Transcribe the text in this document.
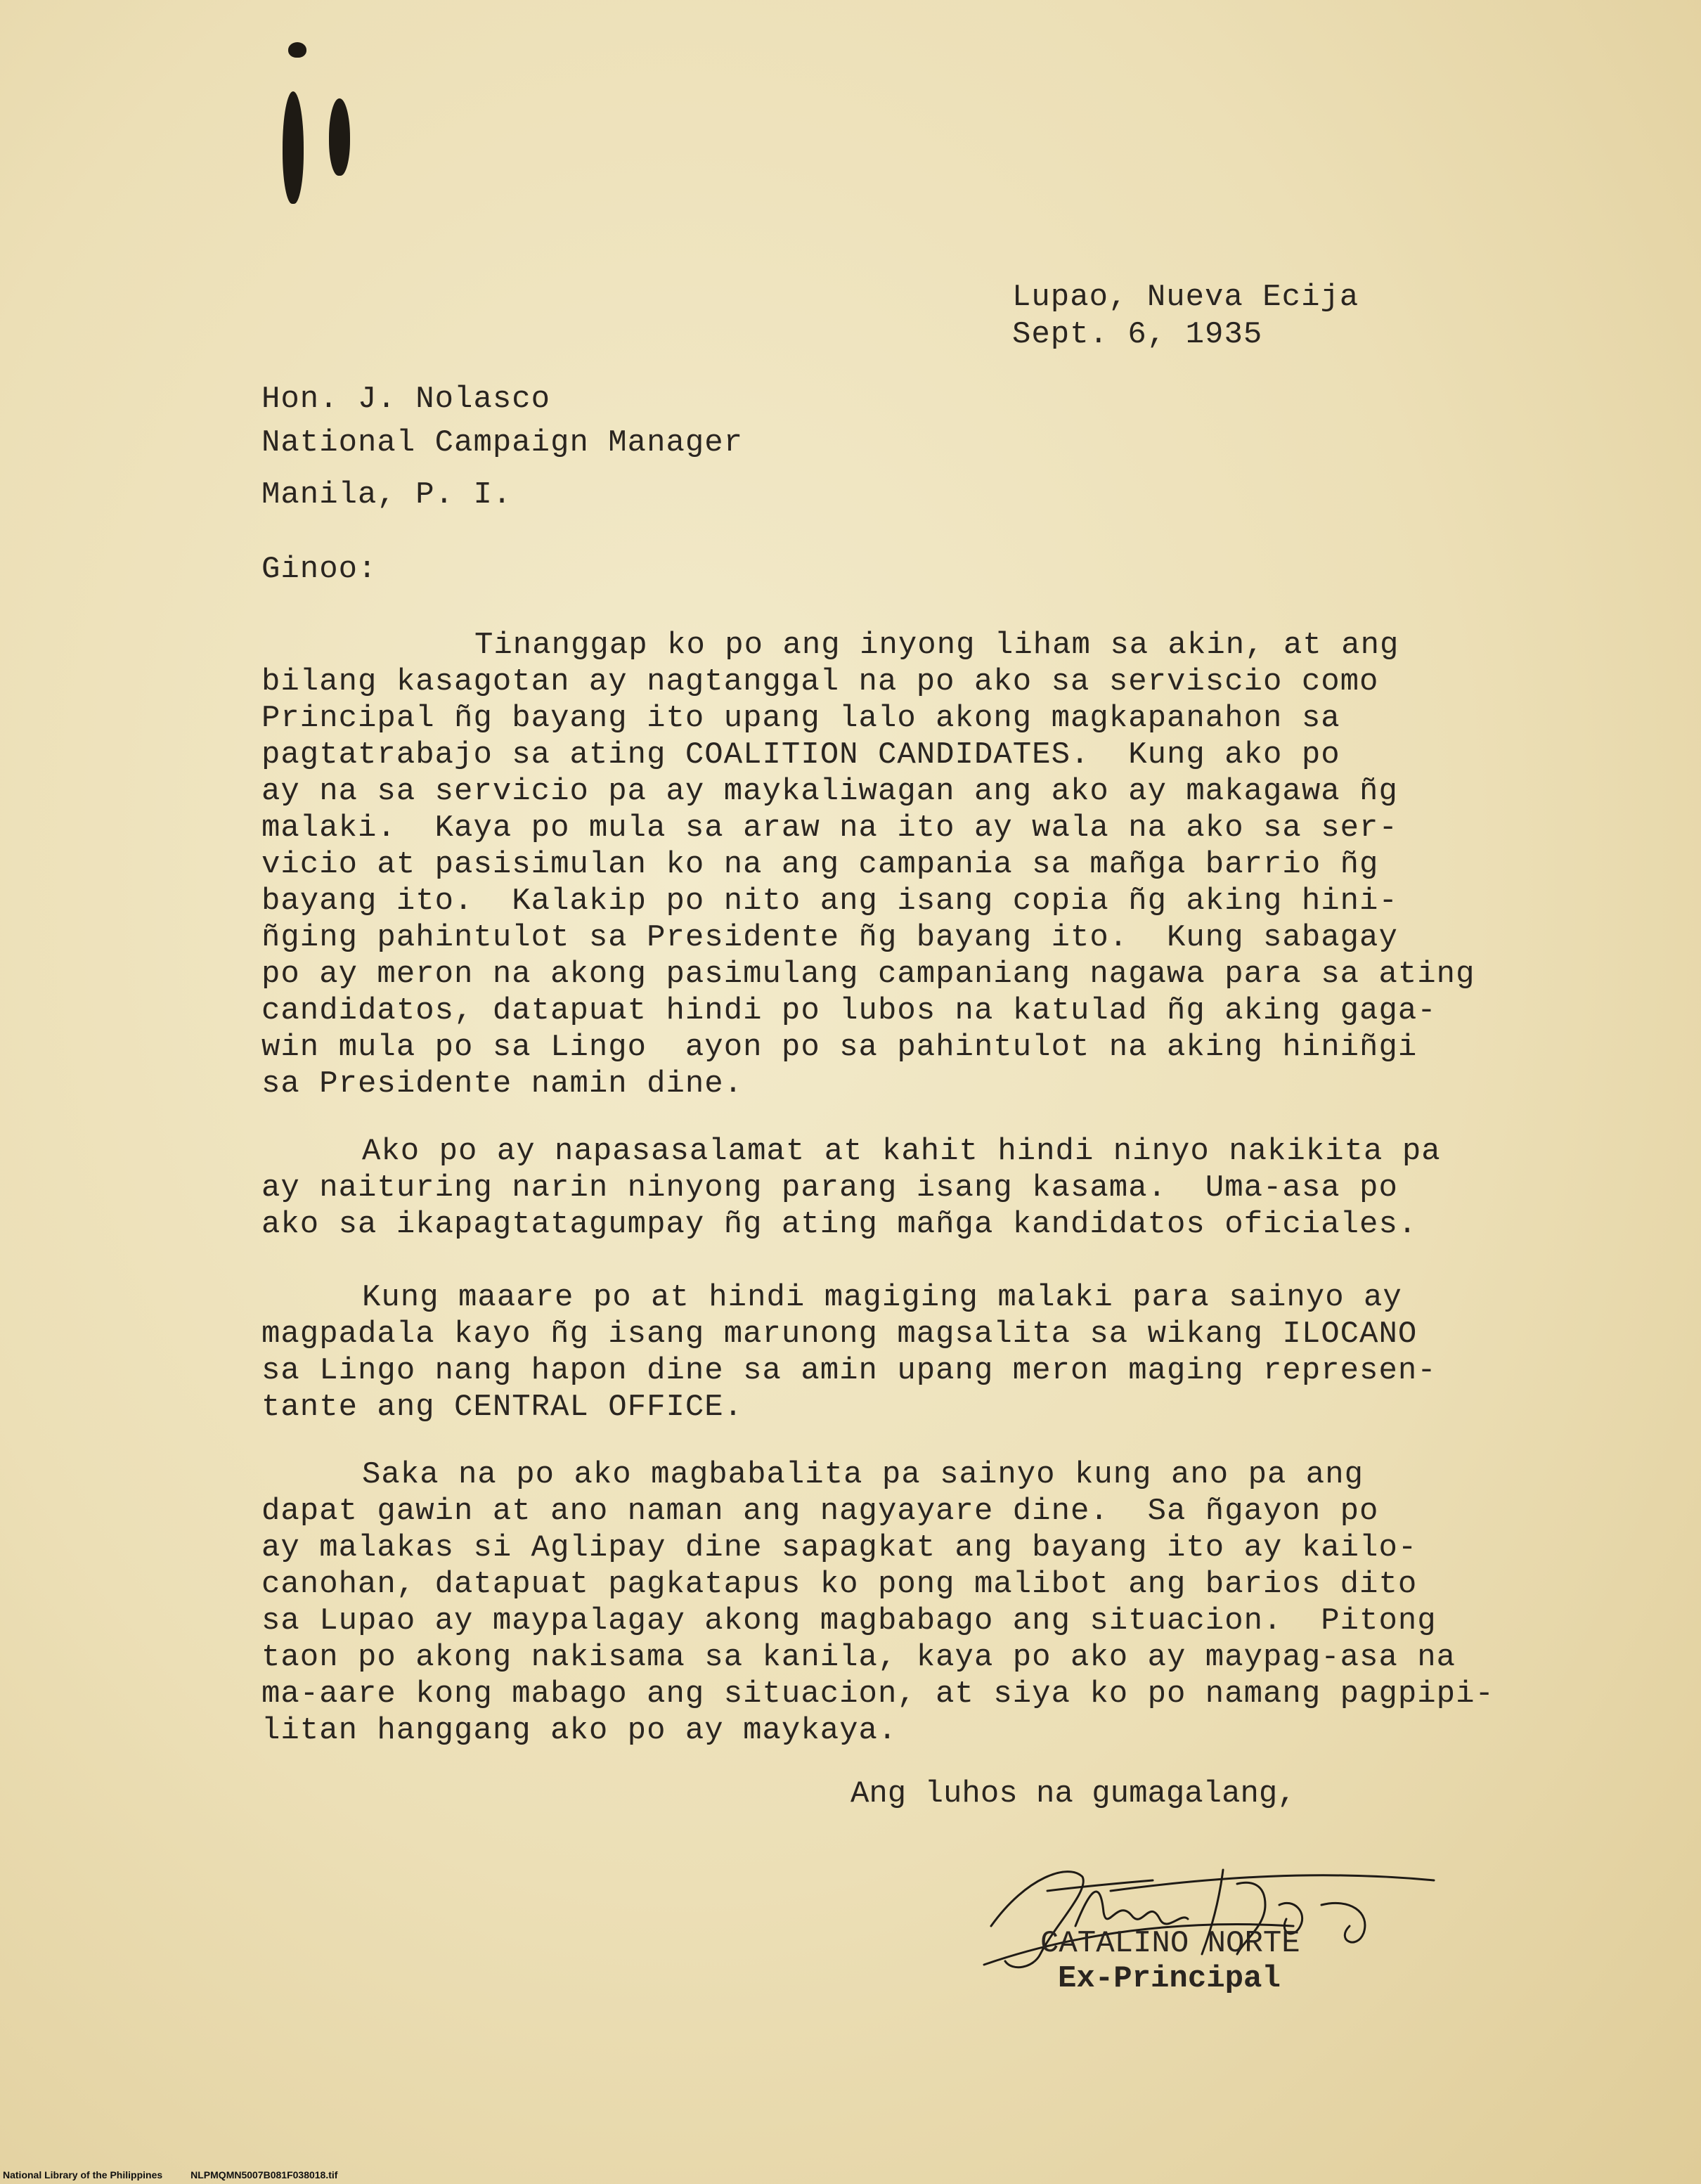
Lupao, Nueva Ecija
Sept. 6, 1935
Hon. J. Nolasco
National Campaign Manager
Manila, P. I.
Ginoo:
Tinanggap ko po ang inyong liham sa akin, at ang
bilang kasagotan ay nagtanggal na po ako sa serviscio como
Principal ñg bayang ito upang lalo akong magkapanahon sa
pagtatrabajo sa ating COALITION CANDIDATES.  Kung ako po
ay na sa servicio pa ay maykaliwagan ang ako ay makagawa ñg
malaki.  Kaya po mula sa araw na ito ay wala na ako sa ser-
vicio at pasisimulan ko na ang campania sa mañga barrio ñg
bayang ito.  Kalakip po nito ang isang copia ñg aking hini-
ñging pahintulot sa Presidente ñg bayang ito.  Kung sabagay
po ay meron na akong pasimulang campaniang nagawa para sa ating
candidatos, datapuat hindi po lubos na katulad ñg aking gaga-
win mula po sa Lingo  ayon po sa pahintulot na aking hiniñgi
sa Presidente namin dine.
Ako po ay napasasalamat at kahit hindi ninyo nakikita pa
ay naituring narin ninyong parang isang kasama.  Uma-asa po
ako sa ikapagtatagumpay ñg ating mañga kandidatos oficiales.
Kung maaare po at hindi magiging malaki para sainyo ay
magpadala kayo ñg isang marunong magsalita sa wikang ILOCANO
sa Lingo nang hapon dine sa amin upang meron maging represen-
tante ang CENTRAL OFFICE.
Saka na po ako magbabalita pa sainyo kung ano pa ang
dapat gawin at ano naman ang nagyayare dine.  Sa ñgayon po
ay malakas si Aglipay dine sapagkat ang bayang ito ay kailo-
canohan, datapuat pagkatapus ko pong malibot ang barios dito
sa Lupao ay maypalagay akong magbabago ang situacion.  Pitong
taon po akong nakisama sa kanila, kaya po ako ay maypag-asa na
ma-aare kong mabago ang situacion, at siya ko po namang pagpipi-
litan hanggang ako po ay maykaya.
Ang luhos na gumagalang,
CATALINO NORTE
Ex-Principal
National Library of the Philippines	NLPMQMN5007B081F038018.tif
